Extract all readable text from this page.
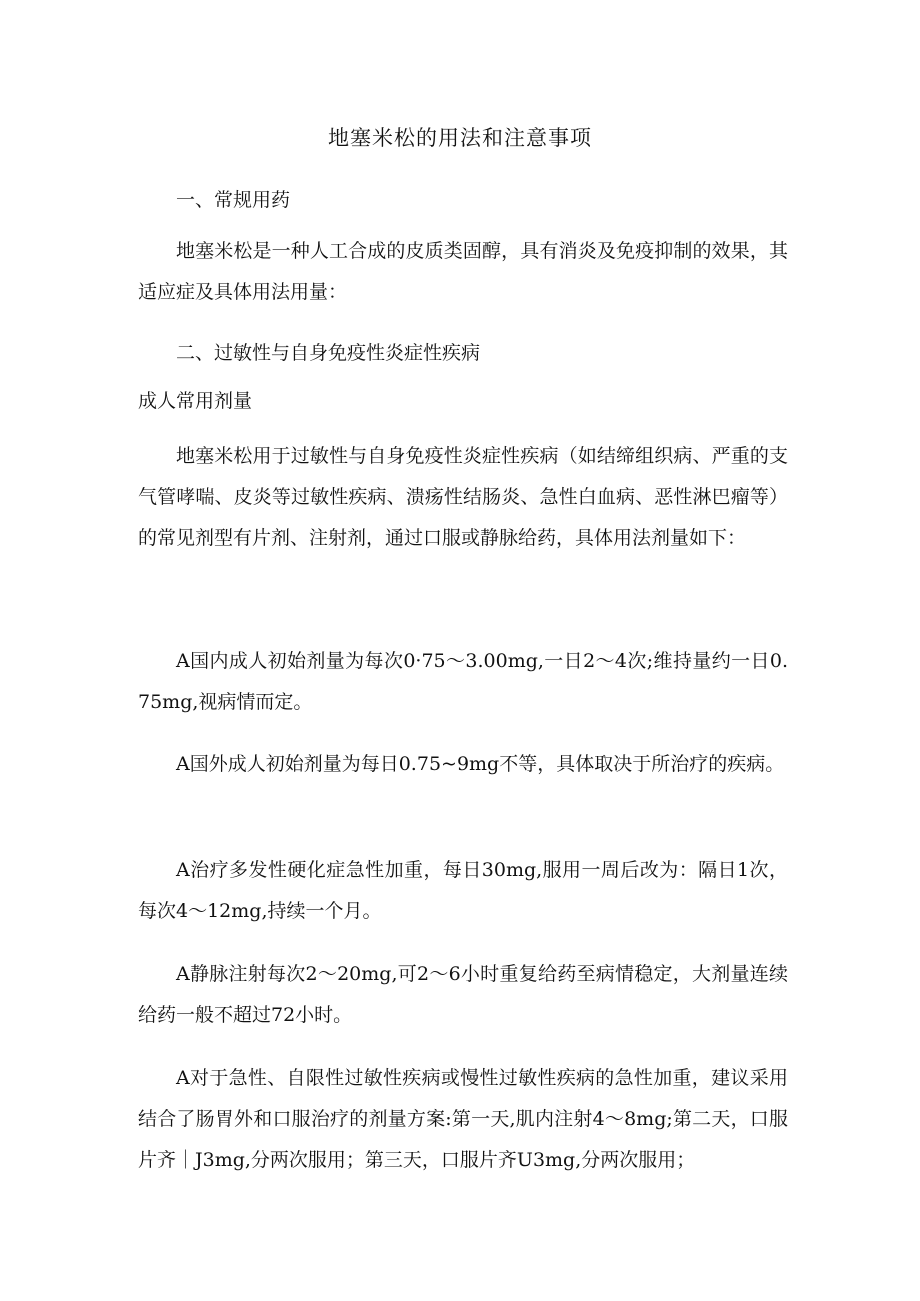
地塞米松的用法和注意事项

一、常规用药

地塞米松是一种人工合成的皮质类固醇，具有消炎及免疫抑制的效果，其适应症及具体用法用量：

二、过敏性与自身免疫性炎症性疾病

成人常用剂量

地塞米松用于过敏性与自身免疫性炎症性疾病（如结缔组织病、严重的支气管哮喘、皮炎等过敏性疾病、溃疡性结肠炎、急性白血病、恶性淋巴瘤等）的常见剂型有片剂、注射剂，通过口服或静脉给药，具体用法剂量如下：

A国内成人初始剂量为每次0·75～3.00mg,一日2～4次;维持量约一日0.75mg,视病情而定。

A国外成人初始剂量为每日0.75~9mg不等，具体取决于所治疗的疾病。

A治疗多发性硬化症急性加重，每日30mg,服用一周后改为：隔日1次，每次4～12mg,持续一个月。

A静脉注射每次2～20mg,可2～6小时重复给药至病情稳定，大剂量连续给药一般不超过72小时。

A对于急性、自限性过敏性疾病或慢性过敏性疾病的急性加重，建议采用结合了肠胃外和口服治疗的剂量方案:第一天,肌内注射4～8mg;第二天，口服片齐｜J3mg,分两次服用；第三天，口服片齐U3mg,分两次服用；
